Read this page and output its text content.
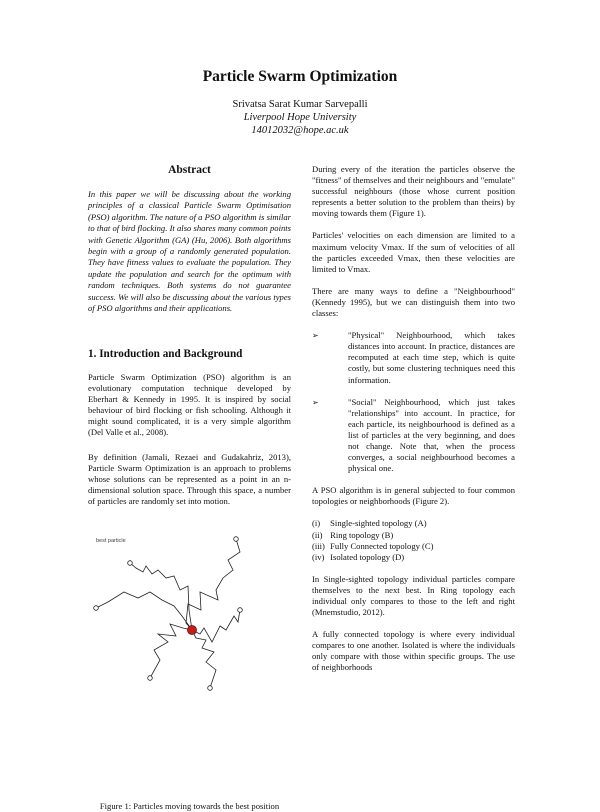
Particle Swarm Optimization
Srivatsa Sarat Kumar Sarvepalli
Liverpool Hope University
14012032@hope.ac.uk
Abstract

In this paper we will be discussing about the working principles of a classical Particle Swarm Optimisation (PSO) algorithm. The nature of a PSO algorithm is similar to that of bird flocking. It also shares many common points with Genetic Algorithm (GA) (Hu, 2006). Both algorithms begin with a group of a randomly generated population. They have fitness values to evaluate the population. They update the population and search for the optimum with random techniques. Both systems do not guarantee success. We will also be discussing about the various types of PSO algorithms and their applications.

1. Introduction and Background

Particle Swarm Optimization (PSO) algorithm is an evolutionary computation technique developed by Eberhart & Kennedy in 1995. It is inspired by social behaviour of bird flocking or fish schooling. Although it might sound complicated, it is a very simple algorithm (Del Valle et al., 2008).

By definition (Jamali, Rezaei and Gudakahriz, 2013), Particle Swarm Optimization is an approach to problems whose solutions can be represented as a point in an n-dimensional solution space. Through this space, a number of particles are randomly set into motion.

best particle
Figure 1: Particles moving towards the best position

During every of the iteration the particles observe the "fitness" of themselves and their neighbours and "emulate" successful neighbours (those whose current position represents a better solution to the problem than theirs) by moving towards them (Figure 1).

Particles' velocities on each dimension are limited to a maximum velocity Vmax. If the sum of velocities of all the particles exceeded Vmax, then these velocities are limited to Vmax.

There are many ways to define a "Neighbourhood" (Kennedy 1995), but we can distinguish them into two classes:

➢	"Physical" Neighbourhood, which takes distances into account. In practice, distances are recomputed at each time step, which is quite costly, but some clustering techniques need this information.
➢	"Social" Neighbourhood, which just takes "relationships" into account. In practice, for each particle, its neighbourhood is defined as a list of particles at the very beginning, and does not change. Note that, when the process converges, a social neighbourhood becomes a physical one.

A PSO algorithm is in general subjected to four common topologies or neighborhoods (Figure 2).

(i) Single-sighted topology (A)
(ii) Ring topology (B)
(iii) Fully Connected topology (C)
(iv) Isolated topology (D)

In Single-sighted topology individual particles compare themselves to the next best. In Ring topology each individual only compares to those to the left and right (Mnemstudio, 2012).

A fully connected topology is where every individual compares to one another. Isolated is where the individuals only compare with those within specific groups. The use of neighborhoods
